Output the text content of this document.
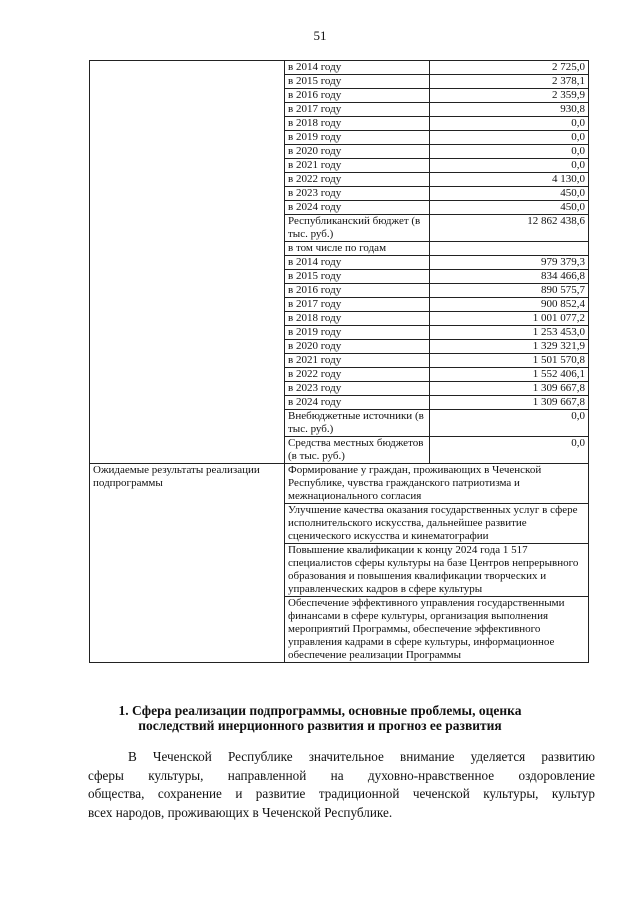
51
	в 2014 году	2 725,0
	в 2015 году	2 378,1
	в 2016 году	2 359,9
	в 2017 году	930,8
	в 2018 году	0,0
	в 2019 году	0,0
	в 2020 году	0,0
	в 2021 году	0,0
	в 2022 году	4 130,0
	в 2023 году	450,0
	в 2024 году	450,0
	Республиканский бюджет (в тыс. руб.)	12 862 438,6
	в том числе по годам	
	в 2014 году	979 379,3
	в 2015 году	834 466,8
	в 2016 году	890 575,7
	в 2017 году	900 852,4
	в 2018 году	1 001 077,2
	в 2019 году	1 253 453,0
	в 2020 году	1 329 321,9
	в 2021 году	1 501 570,8
	в 2022 году	1 552 406,1
	в 2023 году	1 309 667,8
	в 2024 году	1 309 667,8
	Внебюджетные источники (в тыс. руб.)	0,0
	Средства местных бюджетов (в тыс. руб.)	0,0
Ожидаемые результаты реализации подпрограммы	Формирование у граждан, проживающих в Чеченской Республике, чувства гражданского патриотизма и межнационального согласия	
	Улучшение качества оказания государственных услуг в сфере исполнительского искусства, дальнейшее развитие сценического искусства и кинематографии	
	Повышение квалификации к концу 2024 года 1 517 специалистов сферы культуры на базе Центров непрерывного образования и повышения квалификации творческих и управленческих кадров в сфере культуры	
	Обеспечение эффективного управления государственными финансами в сфере культуры, организация выполнения мероприятий Программы, обеспечение эффективного управления кадрами в сфере культуры, информационное обеспечение реализации Программы	
1. Сфера реализации подпрограммы, основные проблемы, оценка
последствий инерционного развития и прогноз ее развития
В Чеченской Республике значительное внимание уделяется развитию
сферы культуры, направленной на духовно-нравственное оздоровление
общества, сохранение и развитие традиционной чеченской культуры, культур
всех народов, проживающих в Чеченской Республике.
